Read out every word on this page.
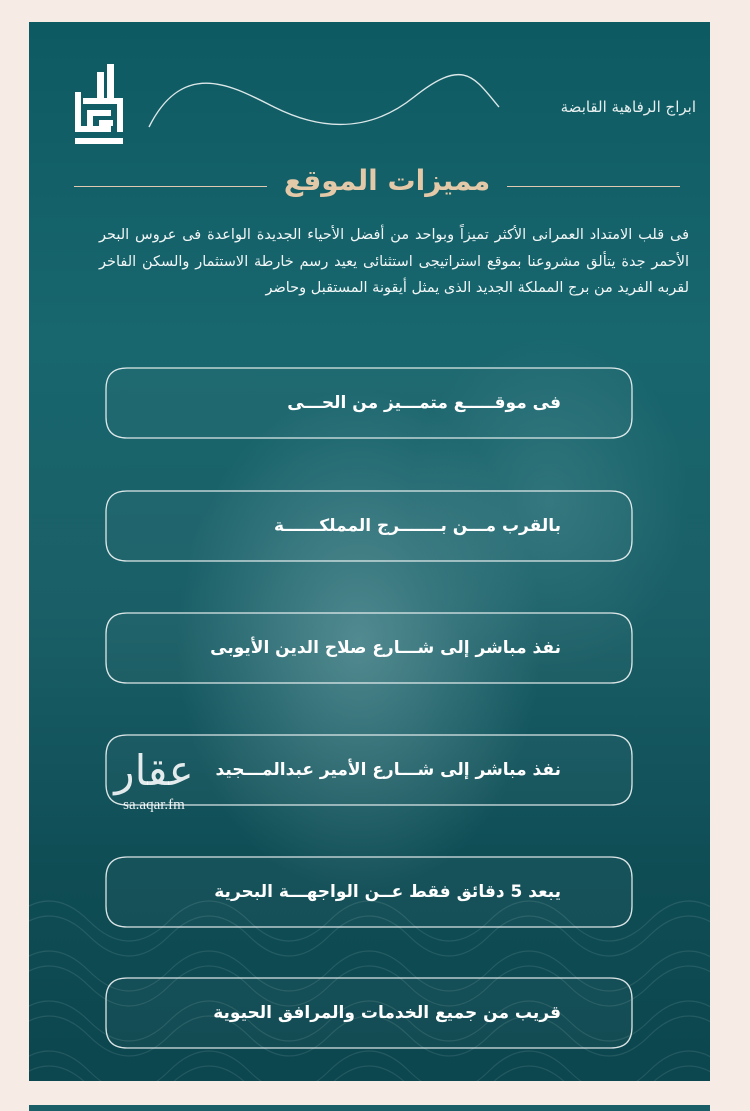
ابراج الرفاهية القابضة
مميزات الموقع
فى قلب الامتداد العمرانى الأكثر تميزاً وبواحد من أفضل الأحياء الجديدة الواعدة فى عروس البحر الأحمر جدة يتألق مشروعنا بموقع استراتيجى استثنائى يعيد رسم خارطة الاستثمار والسكن الفاخر لقربه الفريد من برج المملكة الجديد الذى يمثل أيقونة المستقبل وحاضر
فى موقـــــع متمـــيز من الحـــى
بالقرب مـــن بـــــــرج المملكــــــة
نفذ مباشر إلى شـــارع صلاح الدين الأيوبى
نفذ مباشر إلى شـــارع الأمير عبدالمـــجيد
يبعد 5 دقائق فقط عــن الواجهـــة البحرية
قريب من جميع الخدمات والمرافق الحيوية
عقار
sa.aqar.fm
